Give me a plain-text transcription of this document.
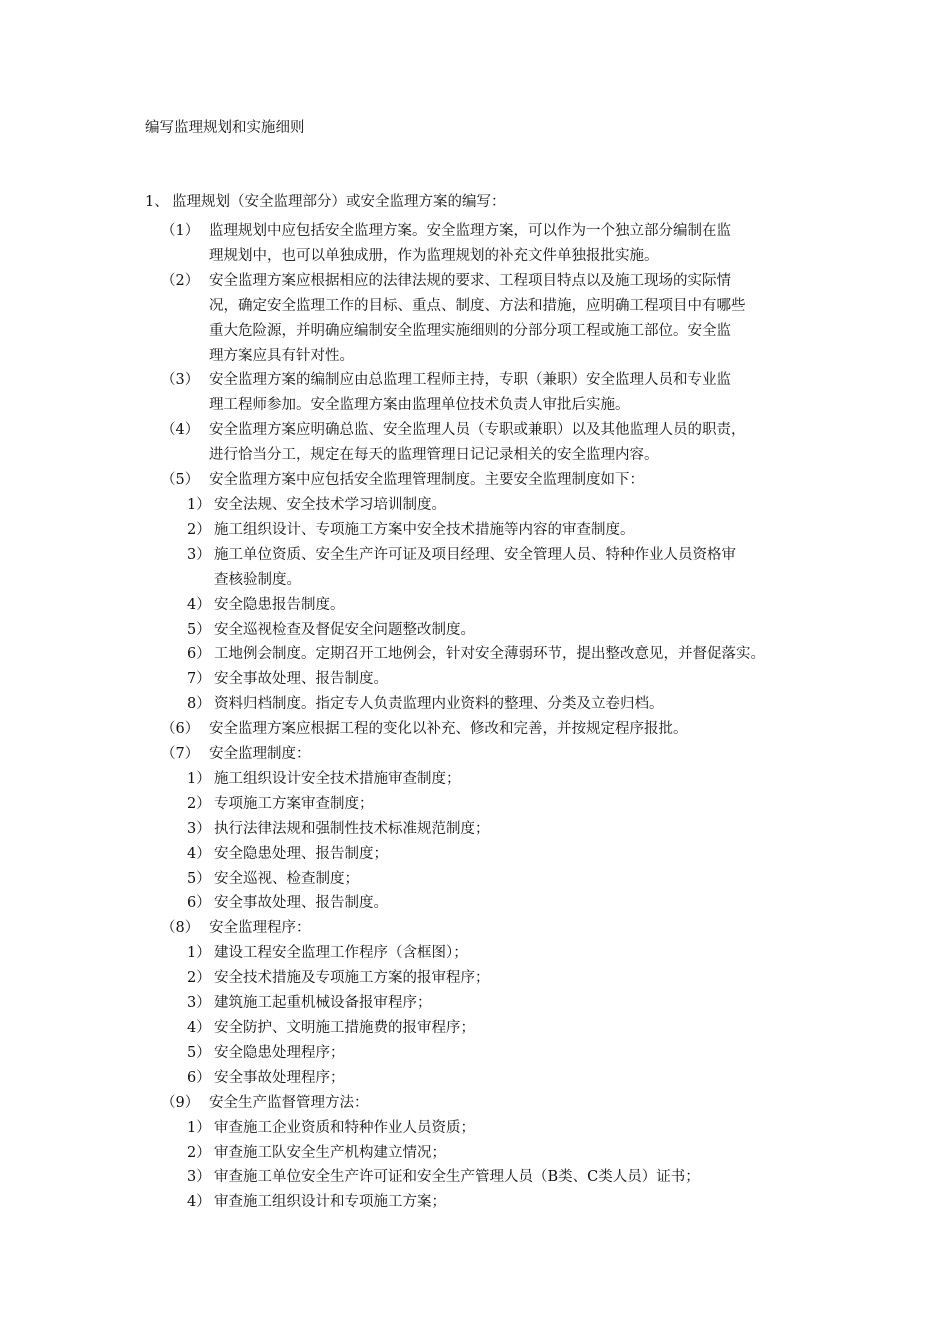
编写监理规划和实施细则
1、 监理规划（安全监理部分）或安全监理方案的编写：
（1） 监理规划中应包括安全监理方案。安全监理方案，可以作为一个独立部分编制在监
理规划中，也可以单独成册，作为监理规划的补充文件单独报批实施。
（2） 安全监理方案应根据相应的法律法规的要求、工程项目特点以及施工现场的实际情
况，确定安全监理工作的目标、重点、制度、方法和措施，应明确工程项目中有哪些
重大危险源，并明确应编制安全监理实施细则的分部分项工程或施工部位。安全监
理方案应具有针对性。
（3） 安全监理方案的编制应由总监理工程师主持，专职（兼职）安全监理人员和专业监
理工程师参加。安全监理方案由监理单位技术负责人审批后实施。
（4） 安全监理方案应明确总监、安全监理人员（专职或兼职）以及其他监理人员的职责，
进行恰当分工，规定在每天的监理管理日记记录相关的安全监理内容。
（5） 安全监理方案中应包括安全监理管理制度。主要安全监理制度如下：
1） 安全法规、安全技术学习培训制度。
2） 施工组织设计、专项施工方案中安全技术措施等内容的审查制度。
3） 施工单位资质、安全生产许可证及项目经理、安全管理人员、特种作业人员资格审
查核验制度。
4） 安全隐患报告制度。
5） 安全巡视检查及督促安全问题整改制度。
6） 工地例会制度。定期召开工地例会，针对安全薄弱环节，提出整改意见，并督促落实。
7） 安全事故处理、报告制度。
8） 资料归档制度。指定专人负责监理内业资料的整理、分类及立卷归档。
（6） 安全监理方案应根据工程的变化以补充、修改和完善，并按规定程序报批。
（7） 安全监理制度：
1） 施工组织设计安全技术措施审查制度；
2） 专项施工方案审查制度；
3） 执行法律法规和强制性技术标准规范制度；
4） 安全隐患处理、报告制度；
5） 安全巡视、检查制度；
6） 安全事故处理、报告制度。
（8） 安全监理程序：
1） 建设工程安全监理工作程序（含框图）；
2） 安全技术措施及专项施工方案的报审程序；
3） 建筑施工起重机械设备报审程序；
4） 安全防护、文明施工措施费的报审程序；
5） 安全隐患处理程序；
6） 安全事故处理程序；
（9） 安全生产监督管理方法：
1） 审查施工企业资质和特种作业人员资质；
2） 审查施工队安全生产机构建立情况；
3） 审查施工单位安全生产许可证和安全生产管理人员（B类、C类人员）证书；
4） 审查施工组织设计和专项施工方案；
